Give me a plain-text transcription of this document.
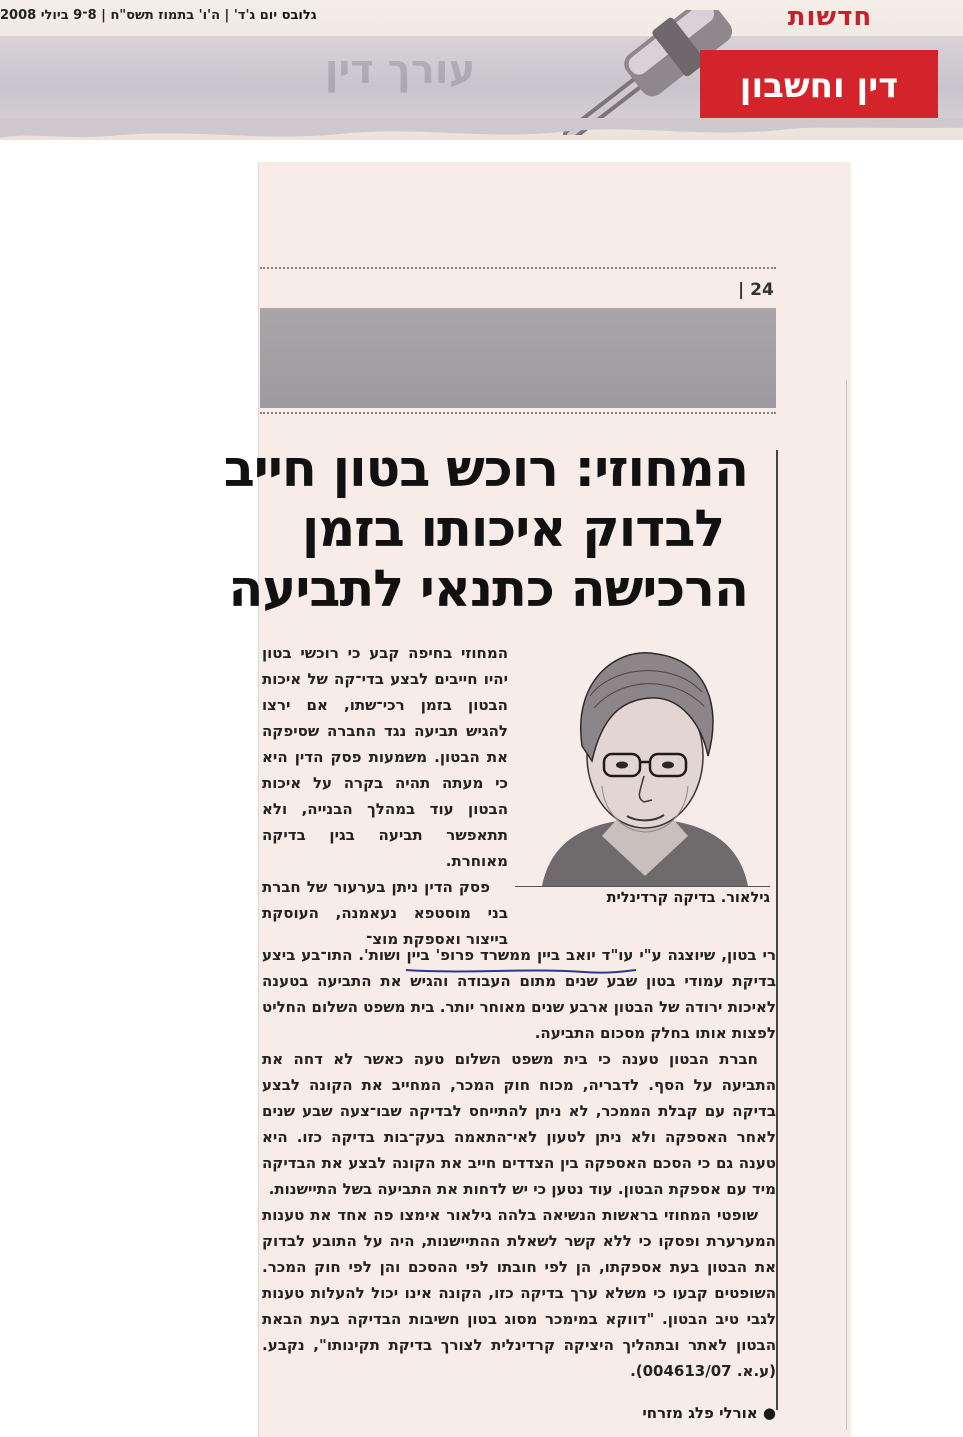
עורך דין
גלובס יום ג'ד' | ה'ו' בתמוז תשס"ח | 8־9 ביולי 2008	חדשות
דין וחשבון
| 24
המחוזי: רוכש בטון חייב
לבדוק איכותו בזמן
הרכישה כתנאי לתביעה
גילאור. בדיקה קרדינלית

המחוזי בחיפה קבע כי רוכשי בטון יהיו חייבים לבצע בדי־קה של איכות הבטון בזמן רכי־שתו, אם ירצו להגיש תביעה נגד החברה שסיפקה את הבטון. משמעות פסק הדין היא כי מעתה תהיה בקרה על איכות הבטון עוד במהלך הבנייה, ולא תתאפשר תביעה בגין בדיקה מאוחרת.

פסק הדין ניתן בערעור של חברת בני מוסטפא נעאמנה, העוסקת בייצור ואספקת מוצ־

רי בטון, שיוצגה ע"י עו"ד יואב ביין ממשרד פרופ' ביין ושות'. התו־בע ביצע בדיקת עמודי בטון שבע שנים מתום העבודה והגיש את התביעה בטענה לאיכות ירודה של הבטון ארבע שנים מאוחר יותר. בית משפט השלום החליט לפצות אותו בחלק מסכום התביעה.

חברת הבטון טענה כי בית משפט השלום טעה כאשר לא דחה את התביעה על הסף. לדבריה, מכוח חוק המכר, המחייב את הקונה לבצע בדיקה עם קבלת הממכר, לא ניתן להתייחס לבדיקה שבו־צעה שבע שנים לאחר האספקה ולא ניתן לטעון לאי־התאמה בעק־בות בדיקה כזו. היא טענה גם כי הסכם האספקה בין הצדדים חייב את הקונה לבצע את הבדיקה מיד עם אספקת הבטון. עוד נטען כי יש לדחות את התביעה בשל התיישנות.

שופטי המחוזי בראשות הנשיאה בלהה גילאור אימצו פה אחד את טענות המערערת ופסקו כי ללא קשר לשאלת ההתיישנות, היה על התובע לבדוק את הבטון בעת אספקתו, הן לפי חובתו לפי ההסכם והן לפי חוק המכר. השופטים קבעו כי משלא ערך בדיקה כזו, הקונה אינו יכול להעלות טענות לגבי טיב הבטון. "דווקא במימכר מסוג בטון חשיבות הבדיקה בעת הבאת הבטון לאתר ובתהליך היציקה קרדינלית לצורך בדיקת תקינותו", נקבע. (ע.א. 004613/07).

● אורלי פלג מזרחי
